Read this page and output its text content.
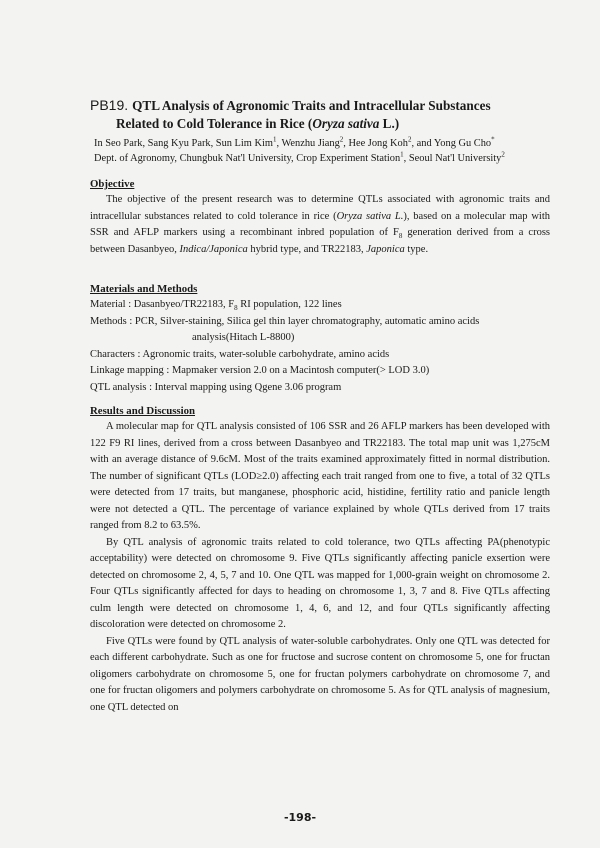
PB19. QTL Analysis of Agronomic Traits and Intracellular Substances
Related to Cold Tolerance in Rice (Oryza sativa L.)
In Seo Park, Sang Kyu Park, Sun Lim Kim$^1$, Wenzhu Jiang$^2$, Hee Jong Koh$^2$, and Yong Gu Cho*
Dept. of Agronomy, Chungbuk Nat'l University, Crop Experiment Station$^1$, Seoul Nat'l University$^2$
Objective

The objective of the present research was to determine QTLs associated with agronomic traits and intracellular substances related to cold tolerance in rice (Oryza sativa L.), based on a molecular map with SSR and AFLP markers using a recombinant inbred population of $F_8$ generation derived from a cross between Dasanbyeo, Indica/Japonica hybrid type, and TR22183, Japonica type.

Materials and Methods
Material : Dasanbyeo/TR22183, $F_8$ RI population, 122 lines
Methods : PCR, Silver-staining, Silica gel thin layer chromatography, automatic amino acids
analysis(Hitach L-8800)
Characters : Agronomic traits, water-soluble carbohydrate, amino acids
Linkage mapping : Mapmaker version 2.0 on a Macintosh computer(> LOD 3.0)
QTL analysis : Interval mapping using Qgene 3.06 program
Results and Discussion

A molecular map for QTL analysis consisted of 106 SSR and 26 AFLP markers has been developed with 122 F9 RI lines, derived from a cross between Dasanbyeo and TR22183. The total map unit was 1,275cM with an average distance of 9.6cM. Most of the traits examined approximately fitted in normal distribution. The number of significant QTLs (LOD≥2.0) affecting each trait ranged from one to five, a total of 32 QTLs were detected from 17 traits, but manganese, phosphoric acid, histidine, fertility ratio and panicle length were not detected a QTL. The percentage of variance explained by whole QTLs derived from 17 traits ranged from 8.2 to 63.5%.

By QTL analysis of agronomic traits related to cold tolerance, two QTLs affecting PA(phenotypic acceptability) were detected on chromosome 9. Five QTLs significantly affecting panicle exsertion were detected on chromosome 2, 4, 5, 7 and 10. One QTL was mapped for 1,000-grain weight on chromosome 2. Four QTLs significantly affected for days to heading on chromosome 1, 3, 7 and 8. Five QTLs affecting culm length were detected on chromosome 1, 4, 6, and 12, and four QTLs significantly affecting discoloration were detected on chromosome 2.

Five QTLs were found by QTL analysis of water-soluble carbohydrates. Only one QTL was detected for each different carbohydrate. Such as one for fructose and sucrose content on chromosome 5, one for fructan oligomers carbohydrate on chromosome 5, one for fructan polymers carbohydrate on chromosome 7, and one for fructan oligomers and polymers carbohydrate on chromosome 5. As for QTL analysis of magnesium, one QTL detected on

-198-
